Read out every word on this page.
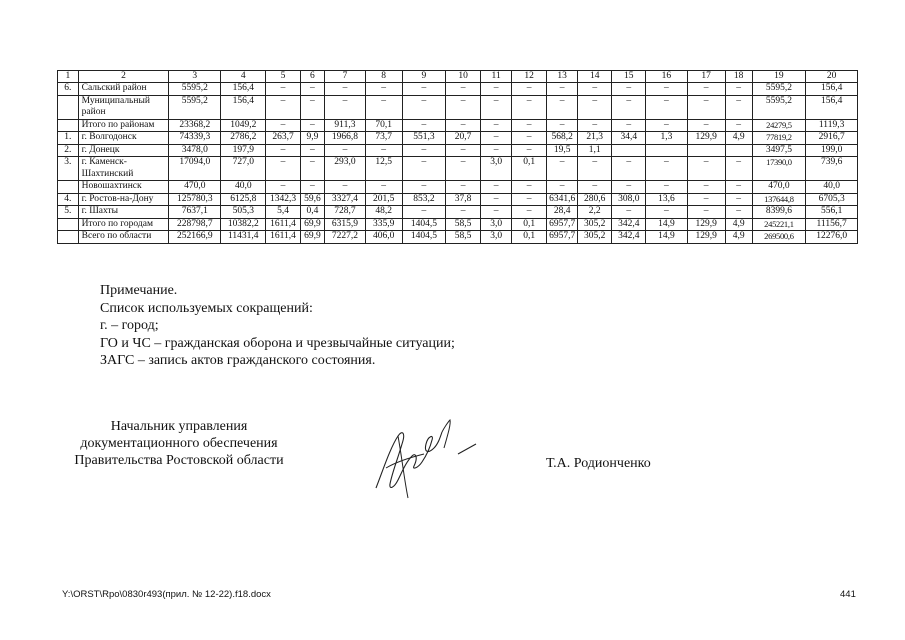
1	2	3	4	5	6	7	8	9	10	11	12	13	14	15	16	17	18	19	20
6.	Сальский район	5595,2	156,4	–	–	–	–	–	–	–	–	–	–	–	–	–	–	5595,2	156,4
	Муниципальный район	5595,2	156,4	–	–	–	–	–	–	–	–	–	–	–	–	–	–	5595,2	156,4
	Итого по районам	23368,2	1049,2	–	–	911,3	70,1	–	–	–	–	–	–	–	–	–	–	24279,5	1119,3
1.	г. Волгодонск	74339,3	2786,2	263,7	9,9	1966,8	73,7	551,3	20,7	–	–	568,2	21,3	34,4	1,3	129,9	4,9	77819,2	2916,7
2.	г. Донецк	3478,0	197,9	–	–	–	–	–	–	–	–	19,5	1,1					3497,5	199,0
3.	г. Каменск-Шахтинский	17094,0	727,0	–	–	293,0	12,5	–	–	3,0	0,1	–	–	–	–	–	–	17390,0	739,6
	Новошахтинск	470,0	40,0	–	–	–	–	–	–	–	–	–	–	–	–	–	–	470,0	40,0
4.	г. Ростов-на-Дону	125780,3	6125,8	1342,3	59,6	3327,4	201,5	853,2	37,8	–	–	6341,6	280,6	308,0	13,6	–	–	137644,8	6705,3
5.	г. Шахты	7637,1	505,3	5,4	0,4	728,7	48,2	–	–	–	–	28,4	2,2	–	–	–	–	8399,6	556,1
	Итого по городам	228798,7	10382,2	1611,4	69,9	6315,9	335,9	1404,5	58,5	3,0	0,1	6957,7	305,2	342,4	14,9	129,9	4,9	245221,1	11156,7
	Всего по области	252166,9	11431,4	1611,4	69,9	7227,2	406,0	1404,5	58,5	3,0	0,1	6957,7	305,2	342,4	14,9	129,9	4,9	269500,6	12276,0
Примечание.
Список используемых сокращений:
г. – город;
ГО и ЧС – гражданская оборона и чрезвычайные ситуации;
ЗАГС – запись актов гражданского состояния.
Начальник управления
документационного обеспечения
Правительства Ростовской области	Т.А. Родионченко
Y:\ORST\Rpo\0830r493(прил. № 12-22).f18.docx	441
